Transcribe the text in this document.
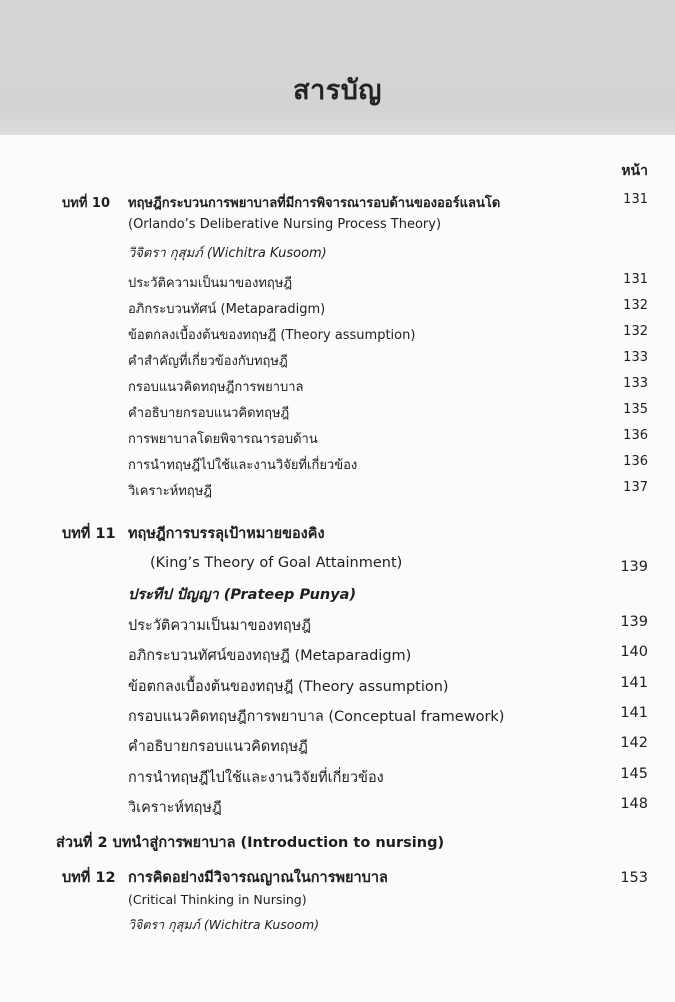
สารบัญ
หน้า
บทที่ 10 ทฤษฎีกระบวนการพยาบาลที่มีการพิจารณารอบด้านของออร์แลนโด	131
(Orlando’s Deliberative Nursing Process Theory)
วิจิตรา กุสุมภ์ (Wichitra Kusoom)
ประวัติความเป็นมาของทฤษฎี	131
อภิกระบวนทัศน์ (Metaparadigm)	132
ข้อตกลงเบื้องต้นของทฤษฎี (Theory assumption)	132
คำสำคัญที่เกี่ยวข้องกับทฤษฎี	133
กรอบแนวคิดทฤษฎีการพยาบาล	133
คำอธิบายกรอบแนวคิดทฤษฎี	135
การพยาบาลโดยพิจารณารอบด้าน	136
การนำทฤษฎีไปใช้และงานวิจัยที่เกี่ยวข้อง	136
วิเคราะห์ทฤษฎี	137
บทที่ 11 ทฤษฎีการบรรลุเป้าหมายของคิง
(King’s Theory of Goal Attainment)	139
ประทีป ปัญญา (Prateep Punya)
ประวัติความเป็นมาของทฤษฎี	139
อภิกระบวนทัศน์ของทฤษฎี (Metaparadigm)	140
ข้อตกลงเบื้องต้นของทฤษฎี (Theory assumption)	141
กรอบแนวคิดทฤษฎีการพยาบาล (Conceptual framework)	141
คำอธิบายกรอบแนวคิดทฤษฎี	142
การนำทฤษฎีไปใช้และงานวิจัยที่เกี่ยวข้อง	145
วิเคราะห์ทฤษฎี	148
ส่วนที่ 2 บทนำสู่การพยาบาล (Introduction to nursing)
บทที่ 12 การคิดอย่างมีวิจารณญาณในการพยาบาล	153
(Critical Thinking in Nursing)
วิจิตรา กุสุมภ์ (Wichitra Kusoom)
